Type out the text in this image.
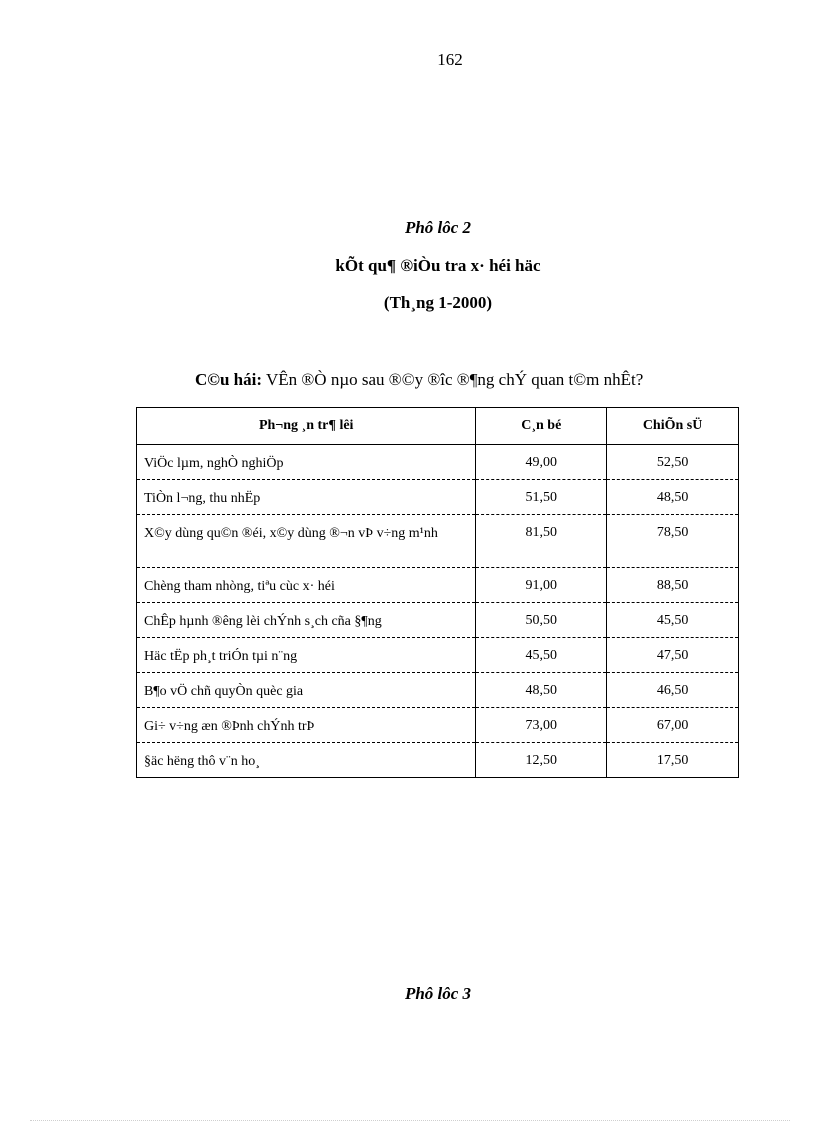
162
Phô lôc 2
kÕt qu¶ ®iÒu tra x· héi häc
(Th¸ng 1-2000)
C©u hái: VÊn ®Ò nµo sau ®©y ®îc ®¶ng chÝ quan t©m nhÊt?
Ph¬ng ¸n tr¶ lêi	C¸n bé	ChiÕn sÜ
ViÖc lµm, nghÒ nghiÖp	49,00	52,50
TiÒn l¬ng, thu nhËp	51,50	48,50
X©y dùng qu©n ®éi, x©y dùng ®¬n vÞ v÷ng m¹nh	81,50	78,50
Chèng tham nhòng, tiªu cùc x· héi	91,00	88,50
ChÊp hµnh ®êng lèi chÝnh s¸ch cña §¶ng	50,50	45,50
Häc tËp ph¸t triÓn tµi n¨ng	45,50	47,50
B¶o vÖ chñ quyÒn quèc gia	48,50	46,50
Gi÷ v÷ng æn ®Þnh chÝnh trÞ	73,00	67,00
§äc hëng thô v¨n ho¸	12,50	17,50
Phô lôc 3
